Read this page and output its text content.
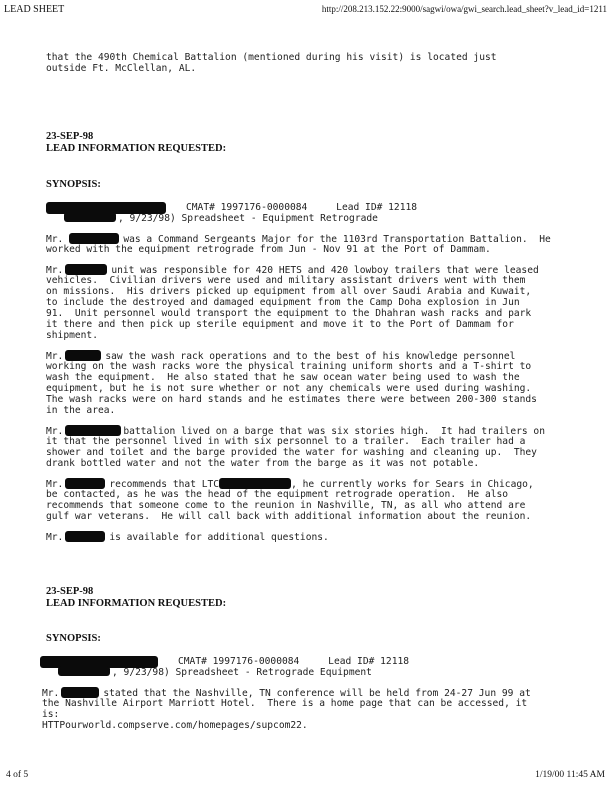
LEAD SHEET	http://208.213.152.22:9000/sagwi/owa/gwi_search.lead_sheet?v_lead_id=1211
that the 490th Chemical Battalion (mentioned during his visit) is located just
outside Ft. McClellan, AL.
23-SEP-98
LEAD INFORMATION REQUESTED:
SYNOPSIS:
CMAT# 1997176-0000084     Lead ID# 12118
, 9/23/98) Spreadsheet - Equipment Retrograde
Mr.	was a Command Sergeants Major for the 1103rd Transportation Battalion.  He
worked with the equipment retrograde from Jun - Nov 91 at the Port of Dammam.
Mr.	unit was responsible for 420 HETS and 420 lowboy trailers that were leased
vehicles.  Civilian drivers were used and military assistant drivers went with them
on missions.  His drivers picked up equipment from all over Saudi Arabia and Kuwait,
to include the destroyed and damaged equipment from the Camp Doha explosion in Jun
91.  Unit personnel would transport the equipment to the Dhahran wash racks and park
it there and then pick up sterile equipment and move it to the Port of Dammam for
shipment.
Mr.	saw the wash rack operations and to the best of his knowledge personnel
working on the wash racks wore the physical training uniform shorts and a T-shirt to
wash the equipment.  He also stated that he saw ocean water being used to wash the
equipment, but he is not sure whether or not any chemicals were used during washing.
The wash racks were on hard stands and he estimates there were between 200-300 stands
in the area.
Mr.	battalion lived on a barge that was six stories high.  It had trailers on
it that the personnel lived in with six personnel to a trailer.  Each trailer had a
shower and toilet and the barge provided the water for washing and cleaning up.  They
drank bottled water and not the water from the barge as it was not potable.
Mr.	recommends that LTC	, he currently works for Sears in Chicago,
be contacted, as he was the head of the equipment retrograde operation.  He also
recommends that someone come to the reunion in Nashville, TN, as all who attend are
gulf war veterans.  He will call back with additional information about the reunion.
Mr.	is available for additional questions.
23-SEP-98
LEAD INFORMATION REQUESTED:
SYNOPSIS:
CMAT# 1997176-0000084     Lead ID# 12118
, 9/23/98) Spreadsheet - Retrograde Equipment
Mr.	stated that the Nashville, TN conference will be held from 24-27 Jun 99 at
the Nashville Airport Marriott Hotel.  There is a home page that can be accessed, it
is:
HTTPourworld.compserve.com/homepages/supcom22.
4 of 5	1/19/00 11:45 AM
